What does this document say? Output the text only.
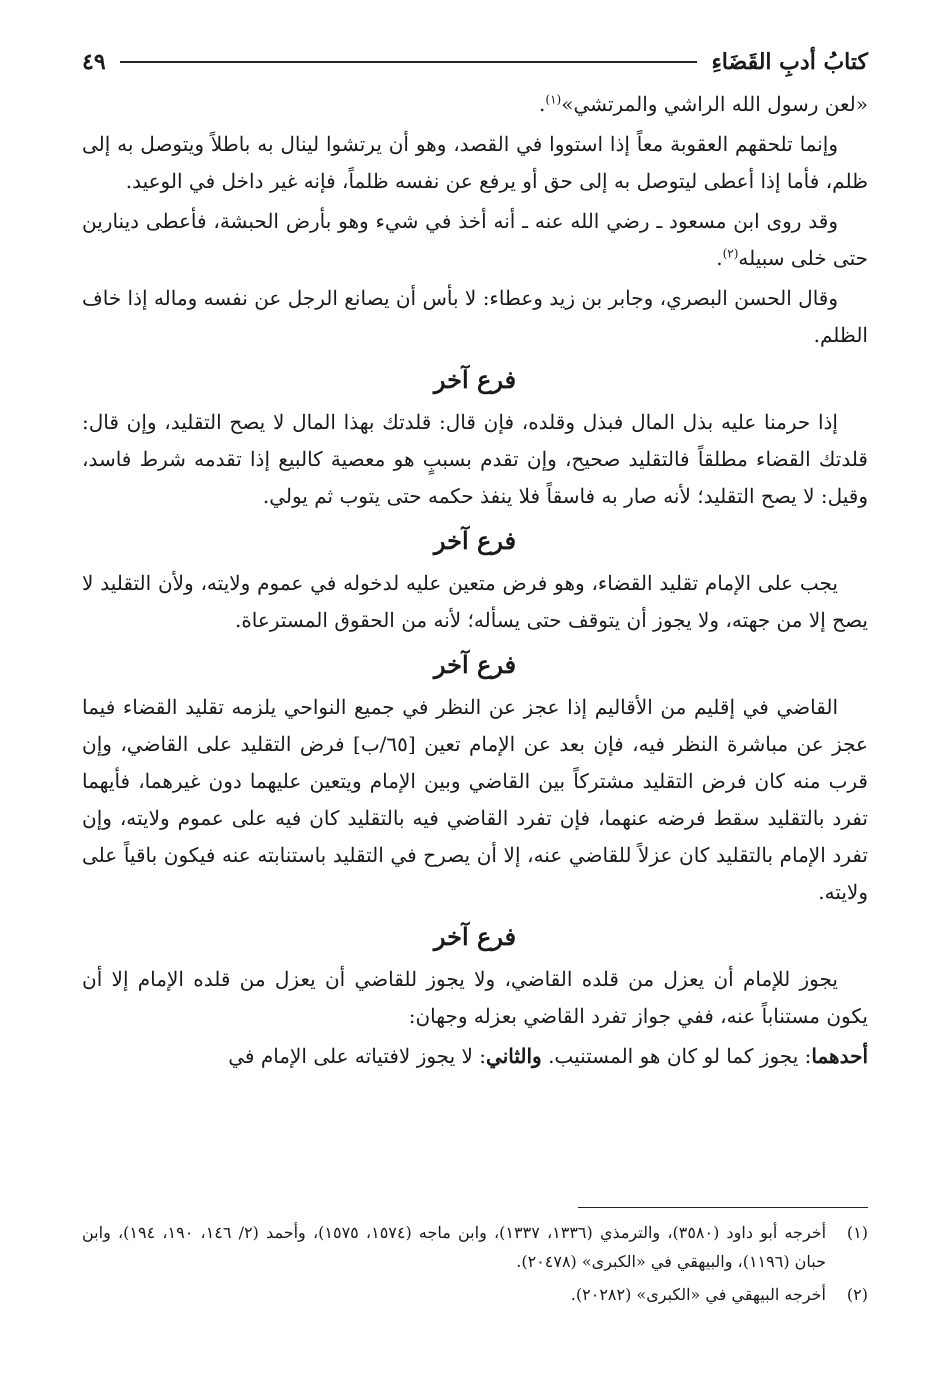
كتابُ أدبِ القَضَاءِ
٤٩

«لعن رسول الله الراشي والمرتشي»$^{(١)}$.

وإنما تلحقهم العقوبة معاً إذا استووا في القصد، وهو أن يرتشوا لينال به باطلاً ويتوصل به إلى ظلم، فأما إذا أعطى ليتوصل به إلى حق أو يرفع عن نفسه ظلماً، فإنه غير داخل في الوعيد.

وقد روى ابن مسعود ـ رضي الله عنه ـ أنه أخذ في شيء وهو بأرض الحبشة، فأعطى دينارين حتى خلى سبيله$^{(٢)}$.

وقال الحسن البصري، وجابر بن زيد وعطاء: لا بأس أن يصانع الرجل عن نفسه وماله إذا خاف الظلم.

فرع آخر

إذا حرمنا عليه بذل المال فبذل وقلده، فإن قال: قلدتك بهذا المال لا يصح التقليد، وإن قال: قلدتك القضاء مطلقاً فالتقليد صحيح، وإن تقدم بسببٍ هو معصية كالبيع إذا تقدمه شرط فاسد، وقيل: لا يصح التقليد؛ لأنه صار به فاسقاً فلا ينفذ حكمه حتى يتوب ثم يولي.

فرع آخر

يجب على الإمام تقليد القضاء، وهو فرض متعين عليه لدخوله في عموم ولايته، ولأن التقليد لا يصح إلا من جهته، ولا يجوز أن يتوقف حتى يسأله؛ لأنه من الحقوق المسترعاة.

فرع آخر

القاضي في إقليم من الأقاليم إذا عجز عن النظر في جميع النواحي يلزمه تقليد القضاء فيما عجز عن مباشرة النظر فيه، فإن بعد عن الإمام تعين [٦٥/ب] فرض التقليد على القاضي، وإن قرب منه كان فرض التقليد مشتركاً بين القاضي وبين الإمام ويتعين عليهما دون غيرهما، فأيهما تفرد بالتقليد سقط فرضه عنهما، فإن تفرد القاضي فيه بالتقليد كان فيه على عموم ولايته، وإن تفرد الإمام بالتقليد كان عزلاً للقاضي عنه، إلا أن يصرح في التقليد باستنابته عنه فيكون باقياً على ولايته.

فرع آخر

يجوز للإمام أن يعزل من قلده القاضي، ولا يجوز للقاضي أن يعزل من قلده الإمام إلا أن يكون مستناباً عنه، ففي جواز تفرد القاضي بعزله وجهان:

أحدهما: يجوز كما لو كان هو المستنيب. والثاني: لا يجوز لافتياته على الإمام في

(١)
أخرجه أبو داود (٣٥٨٠)، والترمذي (١٣٣٦، ١٣٣٧)، وابن ماجه (١٥٧٤، ١٥٧٥)، وأحمد (٢/ ١٤٦، ١٩٠، ١٩٤)، وابن حبان (١١٩٦)، والبيهقي في «الكبرى» (٢٠٤٧٨).
(٢)
أخرجه البيهقي في «الكبرى» (٢٠٢٨٢).
